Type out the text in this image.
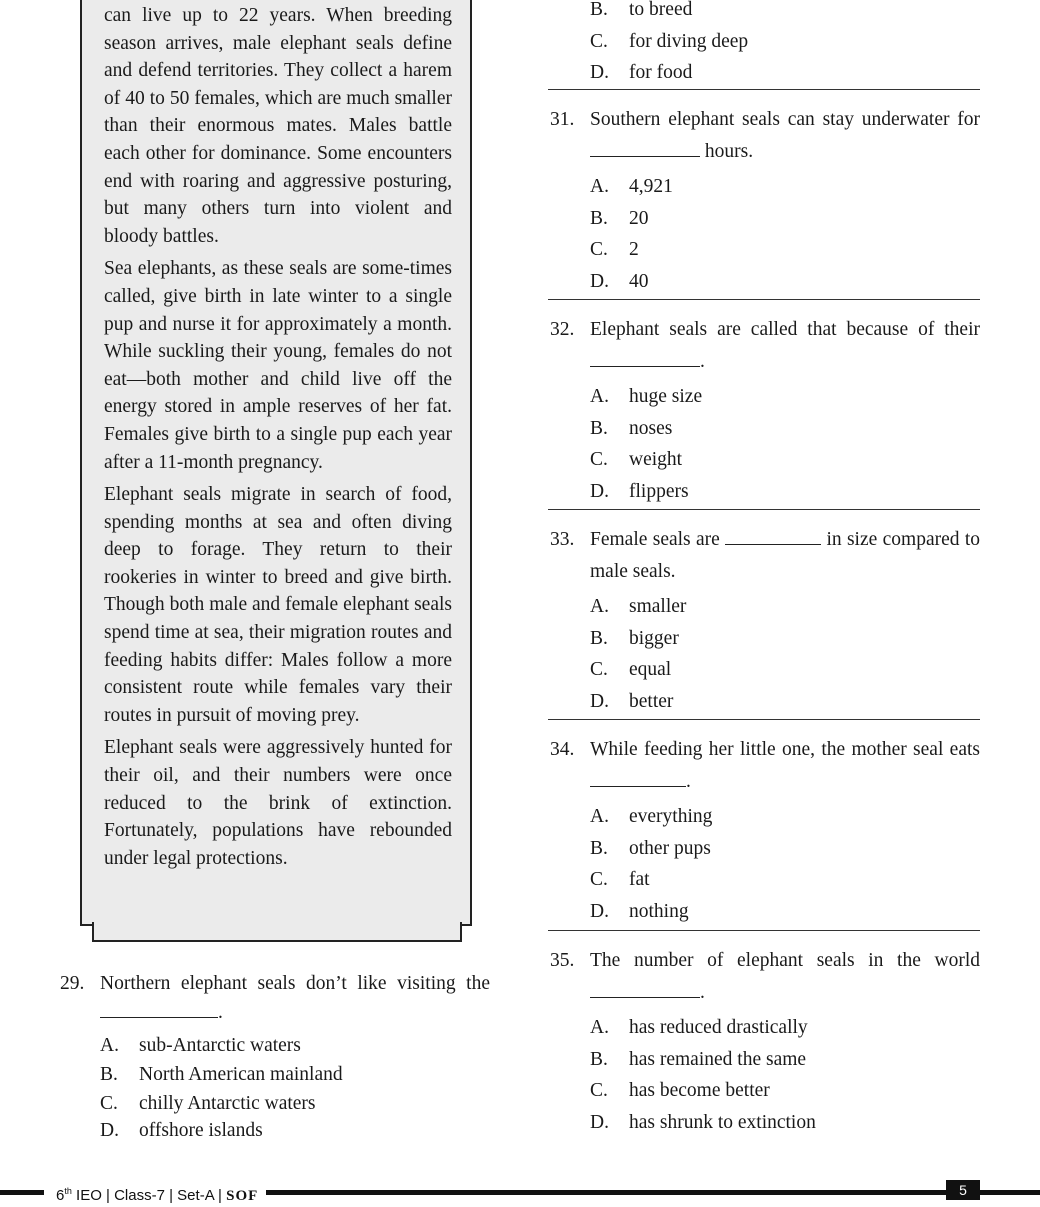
can live up to 22 years. When breeding season arrives, male elephant seals define and defend territories. They collect a harem of 40 to 50 females, which are much smaller than their enormous mates. Males battle each other for dominance. Some encounters end with roaring and aggressive posturing, but many others turn into violent and bloody battles.

Sea elephants, as these seals are some-times called, give birth in late winter to a single pup and nurse it for approximately a month. While suckling their young, females do not eat—both mother and child live off the energy stored in ample reserves of her fat. Females give birth to a single pup each year after a 11-month pregnancy.

Elephant seals migrate in search of food, spending months at sea and often diving deep to forage. They return to their rookeries in winter to breed and give birth. Though both male and female elephant seals spend time at sea, their migration routes and feeding habits differ: Males follow a more consistent route while females vary their routes in pursuit of moving prey.

Elephant seals were aggressively hunted for their oil, and their numbers were once reduced to the brink of extinction. Fortunately, populations have rebounded under legal protections.

29. Northern elephant seals don’t like visiting the .
A. sub-Antarctic waters
B. North American mainland
C. chilly Antarctic waters
D. offshore islands
B. to breed
C. for diving deep
D. for food
31. Southern elephant seals can stay underwater for  hours.
A. 4,921
B. 20
C. 2
D. 40
32. Elephant seals are called that because of their .
A. huge size
B. noses
C. weight
D. flippers
33. Female seals are	in size compared to male seals.
A. smaller
B. bigger
C. equal
D. better
34. While feeding her little one, the mother seal eats .
A. everything
B. other pups
C. fat
D. nothing
35. The number of elephant seals in the world .
A. has reduced drastically
B. has remained the same
C. has become better
D. has shrunk to extinction
6th IEO | Class-7 | Set-A | SOF	5
